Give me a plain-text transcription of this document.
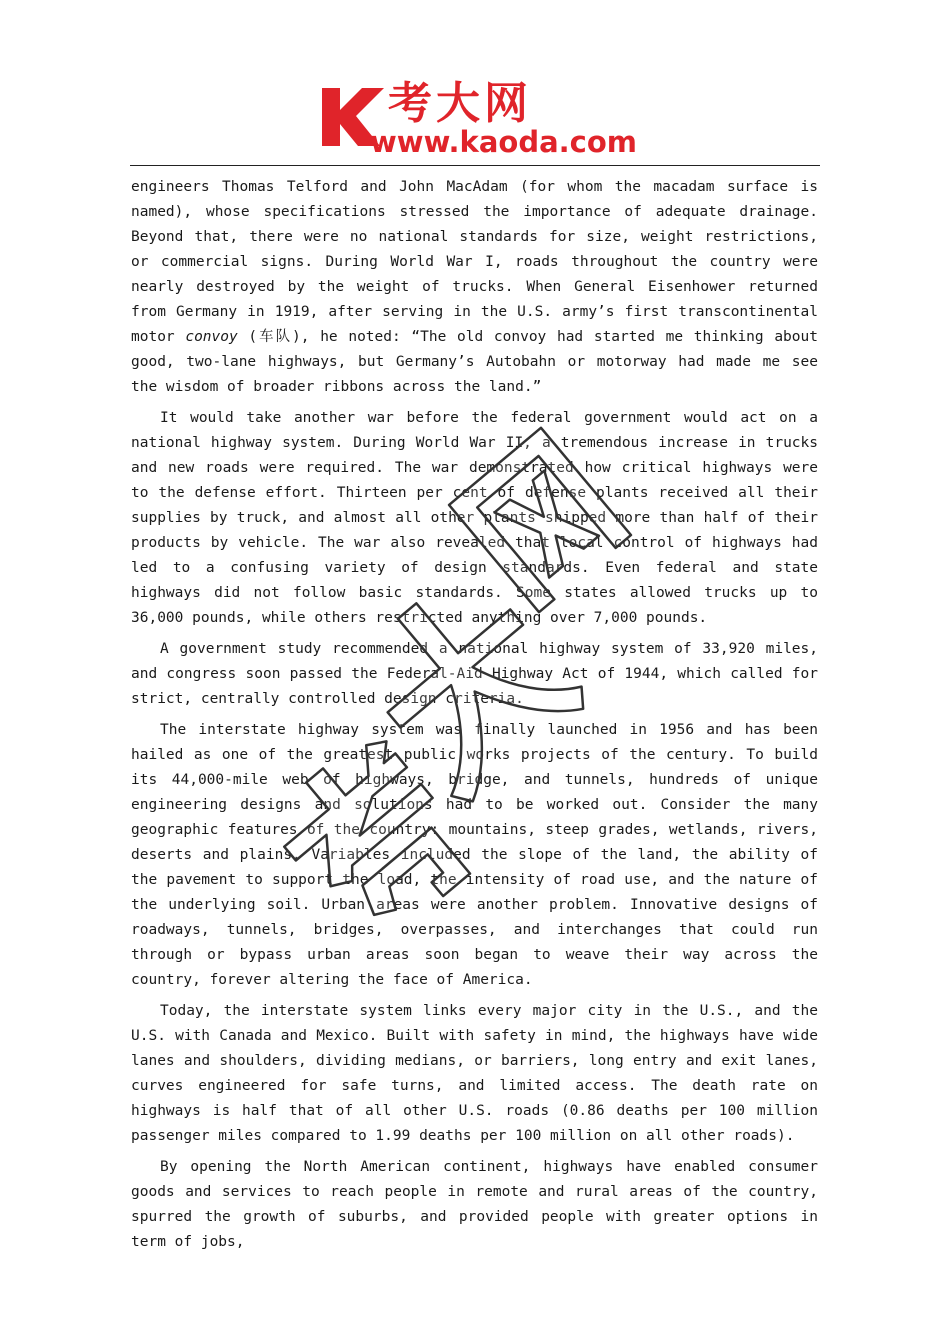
考大网
www.kaoda.com

engineers Thomas Telford and John MacAdam (for whom the macadam surface is named), whose specifications stressed the importance of adequate drainage. Beyond that, there were no national standards for size, weight restrictions, or commercial signs. During World War I, roads throughout the country were nearly destroyed by the weight of trucks. When General Eisenhower returned from Germany in 1919, after serving in the U.S. army’s first transcontinental motor convoy (车队), he noted: “The old convoy had started me thinking about good, two-lane highways, but Germany’s Autobahn or motorway had made me see the wisdom of broader ribbons across the land.”

It would take another war before the federal government would act on a national highway system. During World War II, a tremendous increase in trucks and new roads were required. The war demonstrated how critical highways were to the defense effort. Thirteen per cent of defense plants received all their supplies by truck, and almost all other plants shipped more than half of their products by vehicle. The war also revealed that local control of highways had led to a confusing variety of design standards. Even federal and state highways did not follow basic standards. Some states allowed trucks up to 36,000 pounds, while others restricted anything over 7,000 pounds.

A government study recommended a national highway system of 33,920 miles, and congress soon passed the Federal-Aid Highway Act of 1944, which called for strict, centrally controlled design criteria.

The interstate highway system was finally launched in 1956 and has been hailed as one of the greatest public works projects of the century. To build its 44,000-mile web of highways, bridge, and tunnels, hundreds of unique engineering designs and solutions had to be worked out. Consider the many geographic features of the country: mountains, steep grades, wetlands, rivers, deserts and plains. Variables included the slope of the land, the ability of the pavement to support the load, the intensity of road use, and the nature of the underlying soil. Urban areas were another problem. Innovative designs of roadways, tunnels, bridges, overpasses, and interchanges that could run through or bypass urban areas soon began to weave their way across the country, forever altering the face of America.

Today, the interstate system links every major city in the U.S., and the U.S. with Canada and Mexico. Built with safety in mind, the highways have wide lanes and shoulders, dividing medians, or barriers, long entry and exit lanes, curves engineered for safe turns, and limited access. The death rate on highways is half that of all other U.S. roads (0.86 deaths per 100 million passenger miles compared to 1.99 deaths per 100 million on all other roads).

By opening the North American continent, highways have enabled consumer goods and services to reach people in remote and rural areas of the country, spurred the growth of suburbs, and provided people with greater options in term of jobs,
